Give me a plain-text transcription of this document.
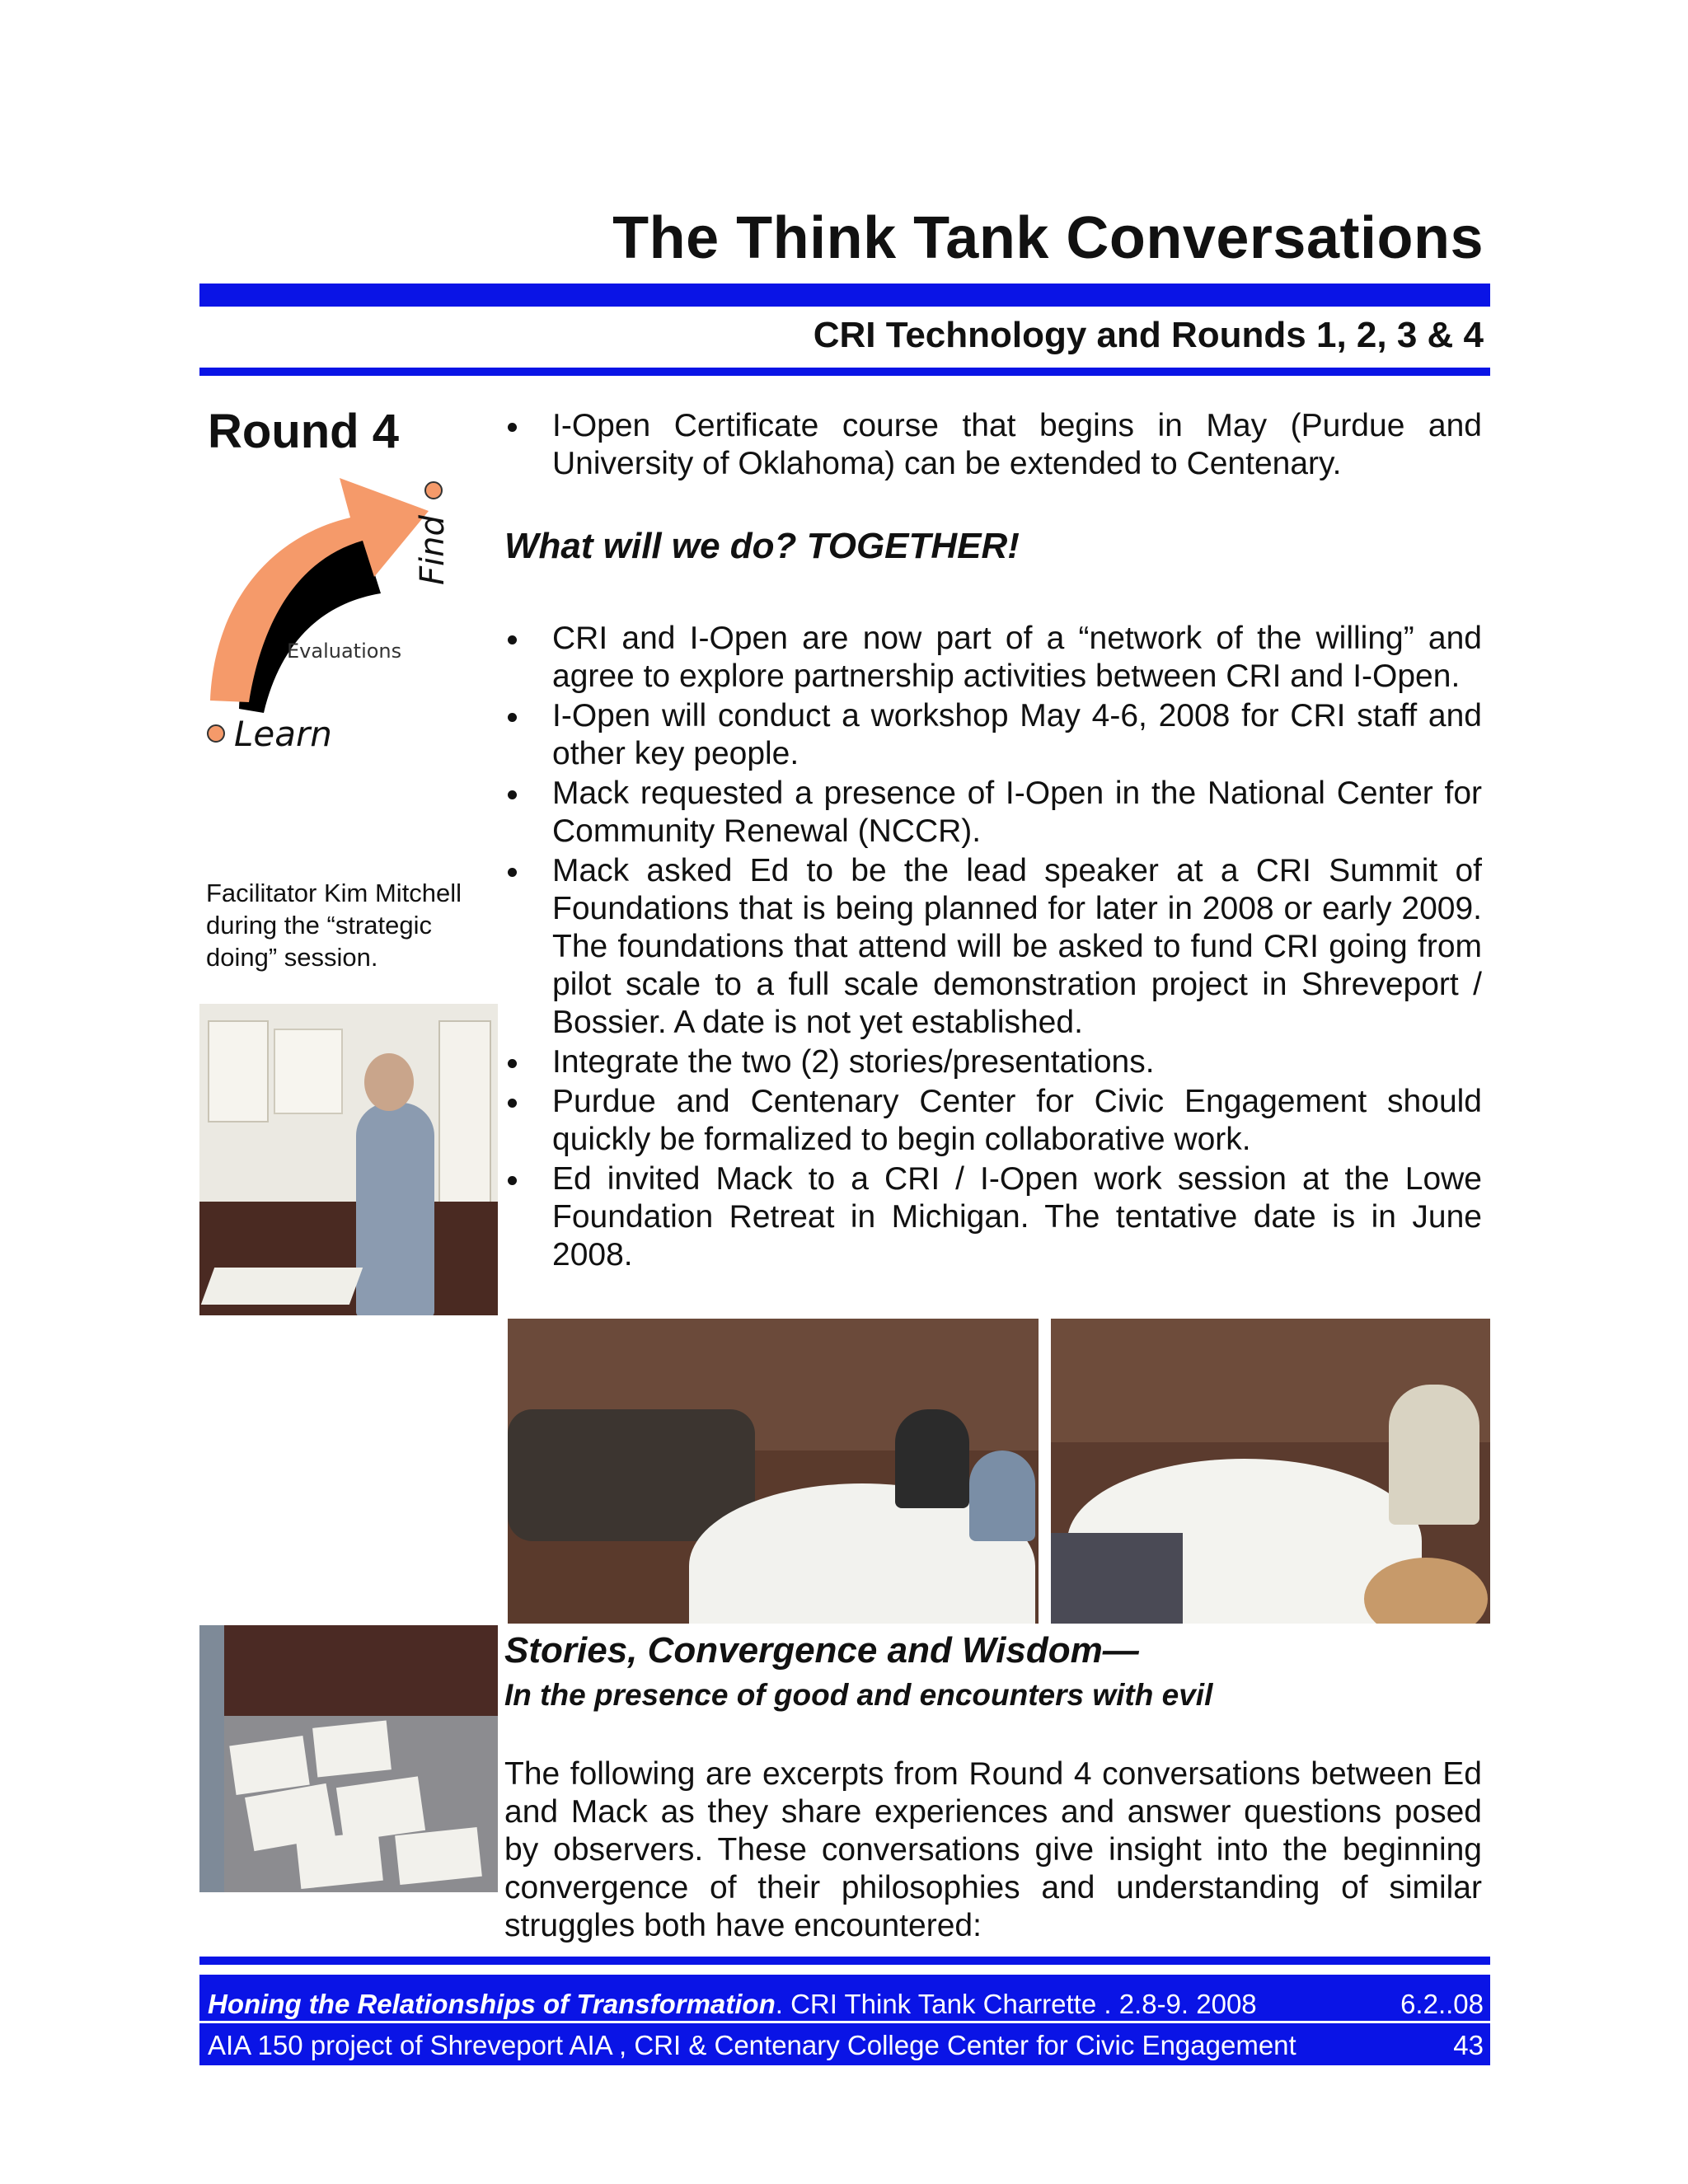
The Think Tank Conversations
CRI Technology and Rounds 1, 2, 3 & 4
Round 4
Find
Evaluations
Learn
Facilitator Kim Mitchell during the “strategic doing” session.
I-Open Certificate course that begins in May (Purdue and University of Oklahoma) can be extended to Centenary.
What will we do? TOGETHER!
CRI and I-Open are now part of a “network of the willing” and agree to explore partnership activities between CRI and I-Open.
I-Open will conduct a workshop May 4-6, 2008 for CRI staff and other key people.
Mack requested a presence of I-Open in the National Center for Community Renewal (NCCR).
Mack asked Ed to be the lead speaker at a CRI Summit of Foundations that is being planned for later in 2008 or early 2009. The foundations that attend will be asked to fund CRI going from pilot scale to a full scale demonstration project in Shreveport / Bossier. A date is not yet established.
Integrate the two (2) stories/presentations.
Purdue and Centenary Center for Civic Engagement should quickly be formalized to begin collaborative work.
Ed invited Mack to a CRI / I-Open work session at the Lowe Foundation Retreat in Michigan. The tentative date is in June 2008.
Stories, Convergence and Wisdom—
In the presence of good and encounters with evil
The following are excerpts from Round 4 conversations between Ed and Mack as they share experiences and answer questions posed by observers. These conversations give insight into the beginning convergence of their philosophies and understanding of similar struggles both have encountered:
Honing the Relationships of Transformation. CRI Think Tank Charrette . 2.8-9. 2008	6.2..08
AIA 150 project of Shreveport AIA , CRI & Centenary College Center for Civic Engagement	43
